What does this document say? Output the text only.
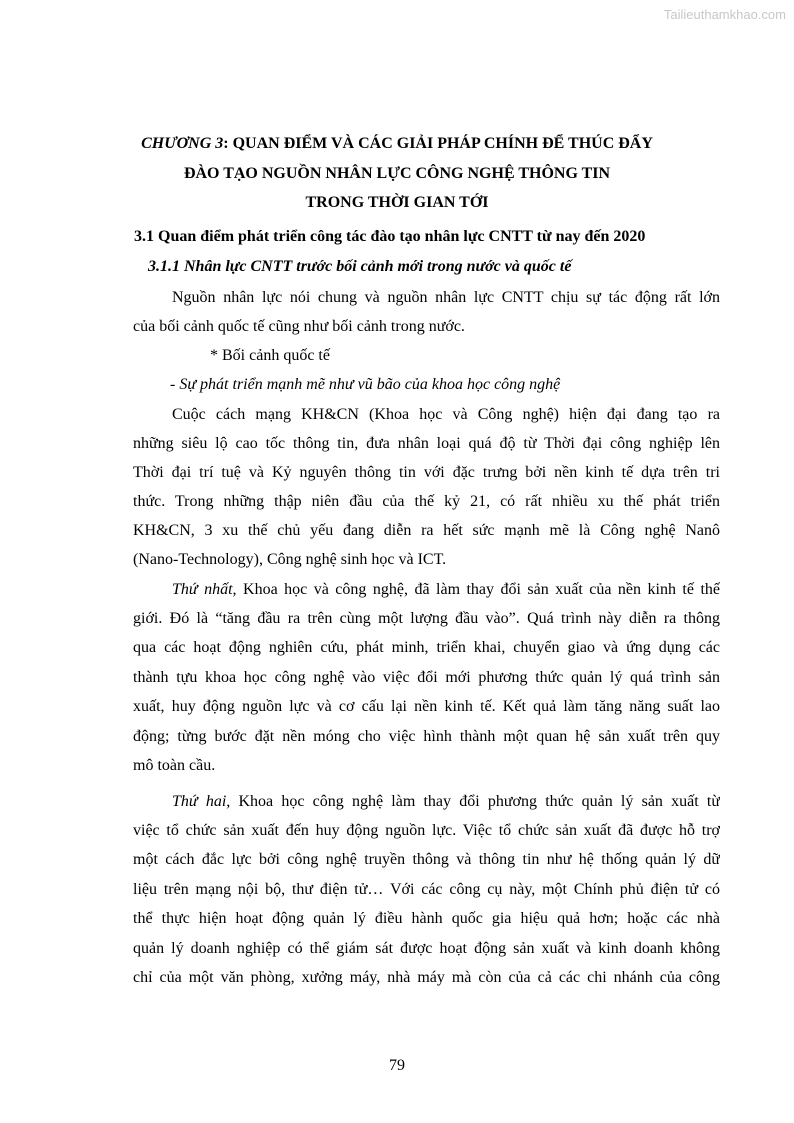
Tailieuthamkhao.com
CHƯƠNG 3: QUAN ĐIỂM VÀ CÁC GIẢI PHÁP CHÍNH ĐỂ THÚC ĐẨY
ĐÀO TẠO NGUỒN NHÂN LỰC CÔNG NGHỆ THÔNG TIN
TRONG THỜI GIAN TỚI
3.1 Quan điểm phát triển công tác đào tạo nhân lực CNTT từ nay đến 2020
3.1.1 Nhân lực CNTT trước bối cảnh mới trong nước và quốc tế
Nguồn nhân lực nói chung và nguồn nhân lực CNTT chịu sự tác động rất lớn
của bối cảnh quốc tế cũng như bối cảnh trong nước.
* Bối cảnh quốc tế
- Sự phát triển mạnh mẽ như vũ bão của khoa học công nghệ
Cuộc cách mạng KH&CN (Khoa học và Công nghệ) hiện đại đang tạo ra
những siêu lộ cao tốc thông tin, đưa nhân loại quá độ từ Thời đại công nghiệp lên
Thời đại trí tuệ và Kỷ nguyên thông tin với đặc trưng bởi nền kinh tế dựa trên tri
thức. Trong những thập niên đầu của thế kỷ 21, có rất nhiều xu thế phát triển
KH&CN, 3 xu thế chủ yếu đang diễn ra hết sức mạnh mẽ là Công nghệ Nanô
(Nano-Technology), Công nghệ sinh học và ICT.
Thứ nhất, Khoa học và công nghệ, đã làm thay đổi sản xuất của nền kinh tế thế
giới. Đó là “tăng đầu ra trên cùng một lượng đầu vào”. Quá trình này diễn ra thông
qua các hoạt động nghiên cứu, phát minh, triển khai, chuyển giao và ứng dụng các
thành tựu khoa học công nghệ vào việc đổi mới phương thức quản lý quá trình sản
xuất, huy động nguồn lực và cơ cấu lại nền kinh tế. Kết quả làm tăng năng suất lao
động; từng bước đặt nền móng cho việc hình thành một quan hệ sản xuất trên quy
mô toàn cầu.
Thứ hai, Khoa học công nghệ làm thay đổi phương thức quản lý sản xuất từ
việc tổ chức sản xuất đến huy động nguồn lực. Việc tổ chức sản xuất đã được hỗ trợ
một cách đắc lực bởi công nghệ truyền thông và thông tin như hệ thống quản lý dữ
liệu trên mạng nội bộ, thư điện tử… Với các công cụ này, một Chính phủ điện tử có
thể thực hiện hoạt động quản lý điều hành quốc gia hiệu quả hơn; hoặc các nhà
quản lý doanh nghiệp có thể giám sát được hoạt động sản xuất và kinh doanh không
chỉ của một văn phòng, xưởng máy, nhà máy mà còn của cả các chi nhánh của công
79
